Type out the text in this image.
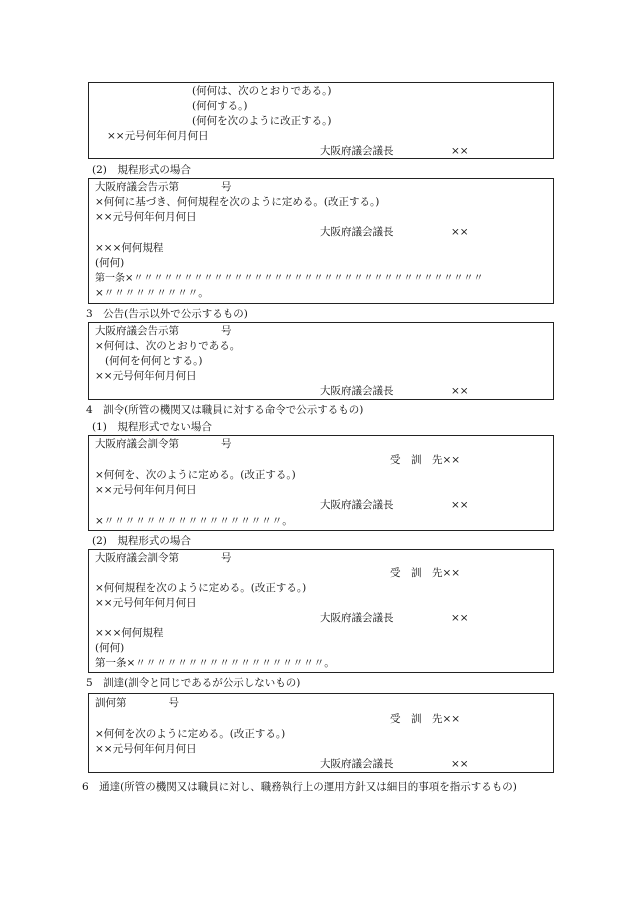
(何何は、次のとおりである。)
(何何する。)
(何何を次のように改正する。)
××元号何年何月何日
大阪府議会議長	××
(2)　規程形式の場合
大阪府議会告示第　　　　号
×何何に基づき、何何規程を次のように定める。(改正する。)
××元号何年何月何日
大阪府議会議長	××
×××何何規程
(何何)
第一条×〃〃〃〃〃〃〃〃〃〃〃〃〃〃〃〃〃〃〃〃〃〃〃〃〃〃〃〃〃〃〃〃〃〃〃
×〃〃〃〃〃〃〃〃〃。
3　公告(告示以外で公示するもの)
大阪府議会告示第　　　　号
×何何は、次のとおりである。
(何何を何何とする。)
××元号何年何月何日
大阪府議会議長	××
4　訓令(所管の機関又は職員に対する命令で公示するもの)
(1)　規程形式でない場合
大阪府議会訓令第　　　　号
受　訓　先××
×何何を、次のように定める。(改正する。)
××元号何年何月何日
大阪府議会議長	××
×〃〃〃〃〃〃〃〃〃〃〃〃〃〃〃〃〃。
(2)　規程形式の場合
大阪府議会訓令第　　　　号
受　訓　先××
×何何規程を次のように定める。(改正する。)
××元号何年何月何日
大阪府議会議長	××
×××何何規程
(何何)
第一条×〃〃〃〃〃〃〃〃〃〃〃〃〃〃〃〃〃〃。
5　訓達(訓令と同じであるが公示しないもの)
訓何第　　　　号
受　訓　先××
×何何を次のように定める。(改正する。)
××元号何年何月何日
大阪府議会議長	××
6　通達(所管の機関又は職員に対し、職務執行上の運用方針又は細目的事項を指示するもの)
